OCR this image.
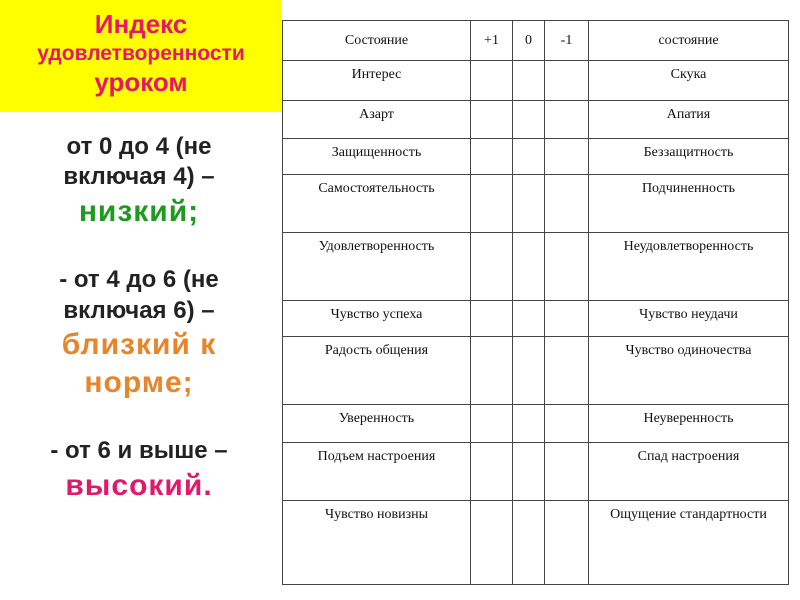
Индекс
удовлетворенности
уроком

от 0 до 4 (не включая 4) –

низкий;

- от 4 до 6 (не включая 6) –

близкий к норме;

- от 6 и выше –

высокий.

Состояние	+1	0	-1	состояние
Интерес				Скука
Азарт				Апатия
Защищенность				Беззащитность
Самостоятельность				Подчиненность
Удовлетворенность				Неудовлетворенность
Чувство успеха				Чувство неудачи
Радость общения				Чувство одиночества
Уверенность				Неуверенность
Подъем настроения				Спад настроения
Чувство новизны				Ощущение стандартности
